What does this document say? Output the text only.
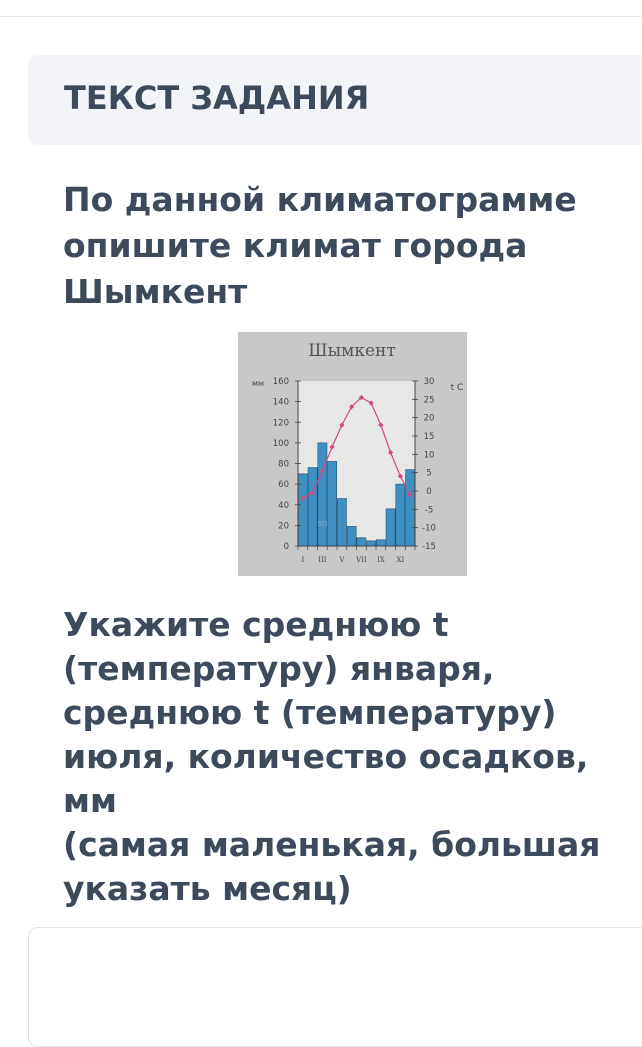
ТЕКСТ ЗАДАНИЯ
По данной климатограмме
опишите климат города
Шымкент
Шымкент
мм	t С
SQ
160
140
120
100
80
60
40
20
0
30
25
20
15
10
5
0
-5
-10
-15
I III V VII IX XI
Укажите среднюю t
(температуру) января,
среднюю t (температуру)
июля, количество осадков, мм
(самая маленькая, большая
указать месяц)
